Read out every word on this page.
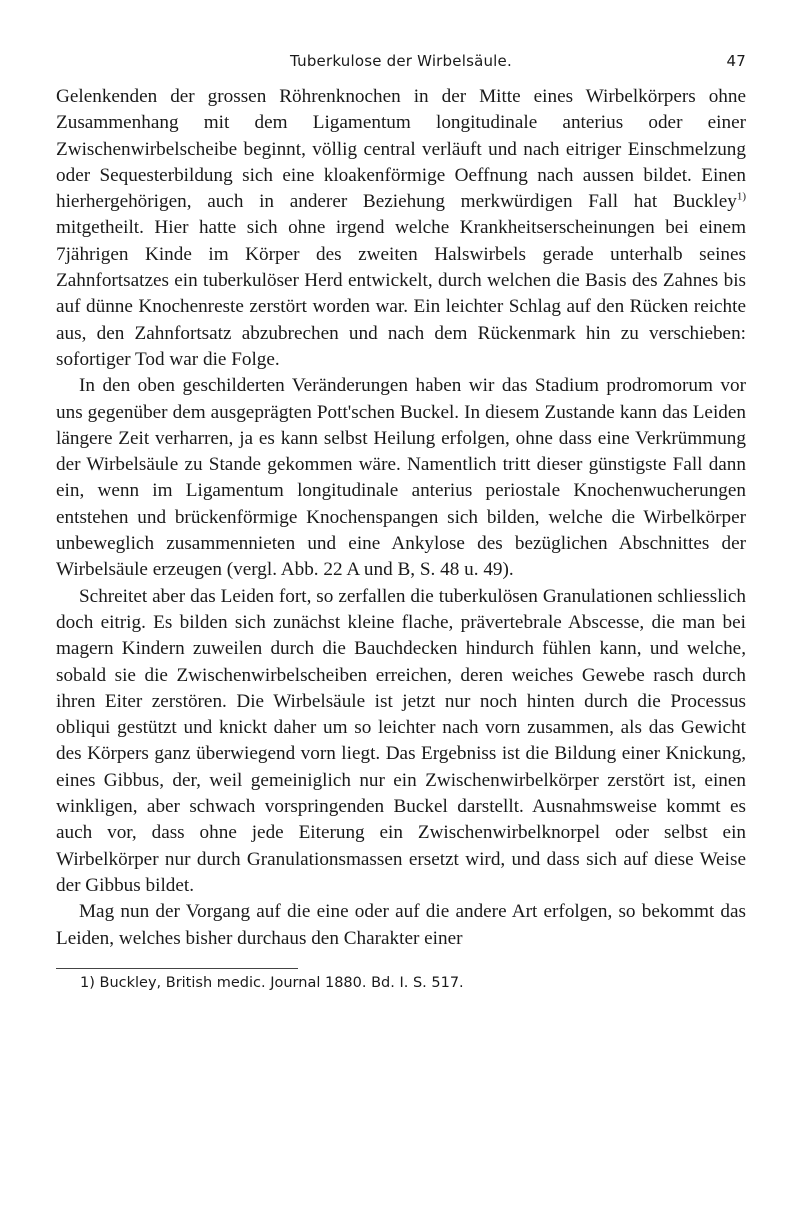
Tuberkulose der Wirbelsäule.	47

Gelenkenden der grossen Röhrenknochen in der Mitte eines Wirbelkörpers ohne Zusammenhang mit dem Ligamentum longitudinale anterius oder einer Zwischenwirbelscheibe beginnt, völlig central verläuft und nach eitriger Einschmelzung oder Sequesterbildung sich eine kloakenförmige Oeffnung nach aussen bildet. Einen hierhergehörigen, auch in anderer Beziehung merkwürdigen Fall hat Buckley$^{1)}$ mitgetheilt. Hier hatte sich ohne irgend welche Krankheitserscheinungen bei einem 7jährigen Kinde im Körper des zweiten Halswirbels gerade unterhalb seines Zahnfortsatzes ein tuberkulöser Herd entwickelt, durch welchen die Basis des Zahnes bis auf dünne Knochenreste zerstört worden war. Ein leichter Schlag auf den Rücken reichte aus, den Zahnfortsatz abzubrechen und nach dem Rückenmark hin zu verschieben: sofortiger Tod war die Folge.

In den oben geschilderten Veränderungen haben wir das Stadium prodromorum vor uns gegenüber dem ausgeprägten Pott'schen Buckel. In diesem Zustande kann das Leiden längere Zeit verharren, ja es kann selbst Heilung erfolgen, ohne dass eine Verkrümmung der Wirbelsäule zu Stande gekommen wäre. Namentlich tritt dieser günstigste Fall dann ein, wenn im Ligamentum longitudinale anterius periostale Knochenwucherungen entstehen und brückenförmige Knochenspangen sich bilden, welche die Wirbelkörper unbeweglich zusammennieten und eine Ankylose des bezüglichen Abschnittes der Wirbelsäule erzeugen (vergl. Abb. 22 A und B, S. 48 u. 49).

Schreitet aber das Leiden fort, so zerfallen die tuberkulösen Granulationen schliesslich doch eitrig. Es bilden sich zunächst kleine flache, prävertebrale Abscesse, die man bei magern Kindern zuweilen durch die Bauchdecken hindurch fühlen kann, und welche, sobald sie die Zwischenwirbelscheiben erreichen, deren weiches Gewebe rasch durch ihren Eiter zerstören. Die Wirbelsäule ist jetzt nur noch hinten durch die Processus obliqui gestützt und knickt daher um so leichter nach vorn zusammen, als das Gewicht des Körpers ganz überwiegend vorn liegt. Das Ergebniss ist die Bildung einer Knickung, eines Gibbus, der, weil gemeiniglich nur ein Zwischenwirbelkörper zerstört ist, einen winkligen, aber schwach vorspringenden Buckel darstellt. Ausnahmsweise kommt es auch vor, dass ohne jede Eiterung ein Zwischenwirbelknorpel oder selbst ein Wirbelkörper nur durch Granulationsmassen ersetzt wird, und dass sich auf diese Weise der Gibbus bildet.

Mag nun der Vorgang auf die eine oder auf die andere Art erfolgen, so bekommt das Leiden, welches bisher durchaus den Charakter einer

1) Buckley, British medic. Journal 1880. Bd. I. S. 517.
